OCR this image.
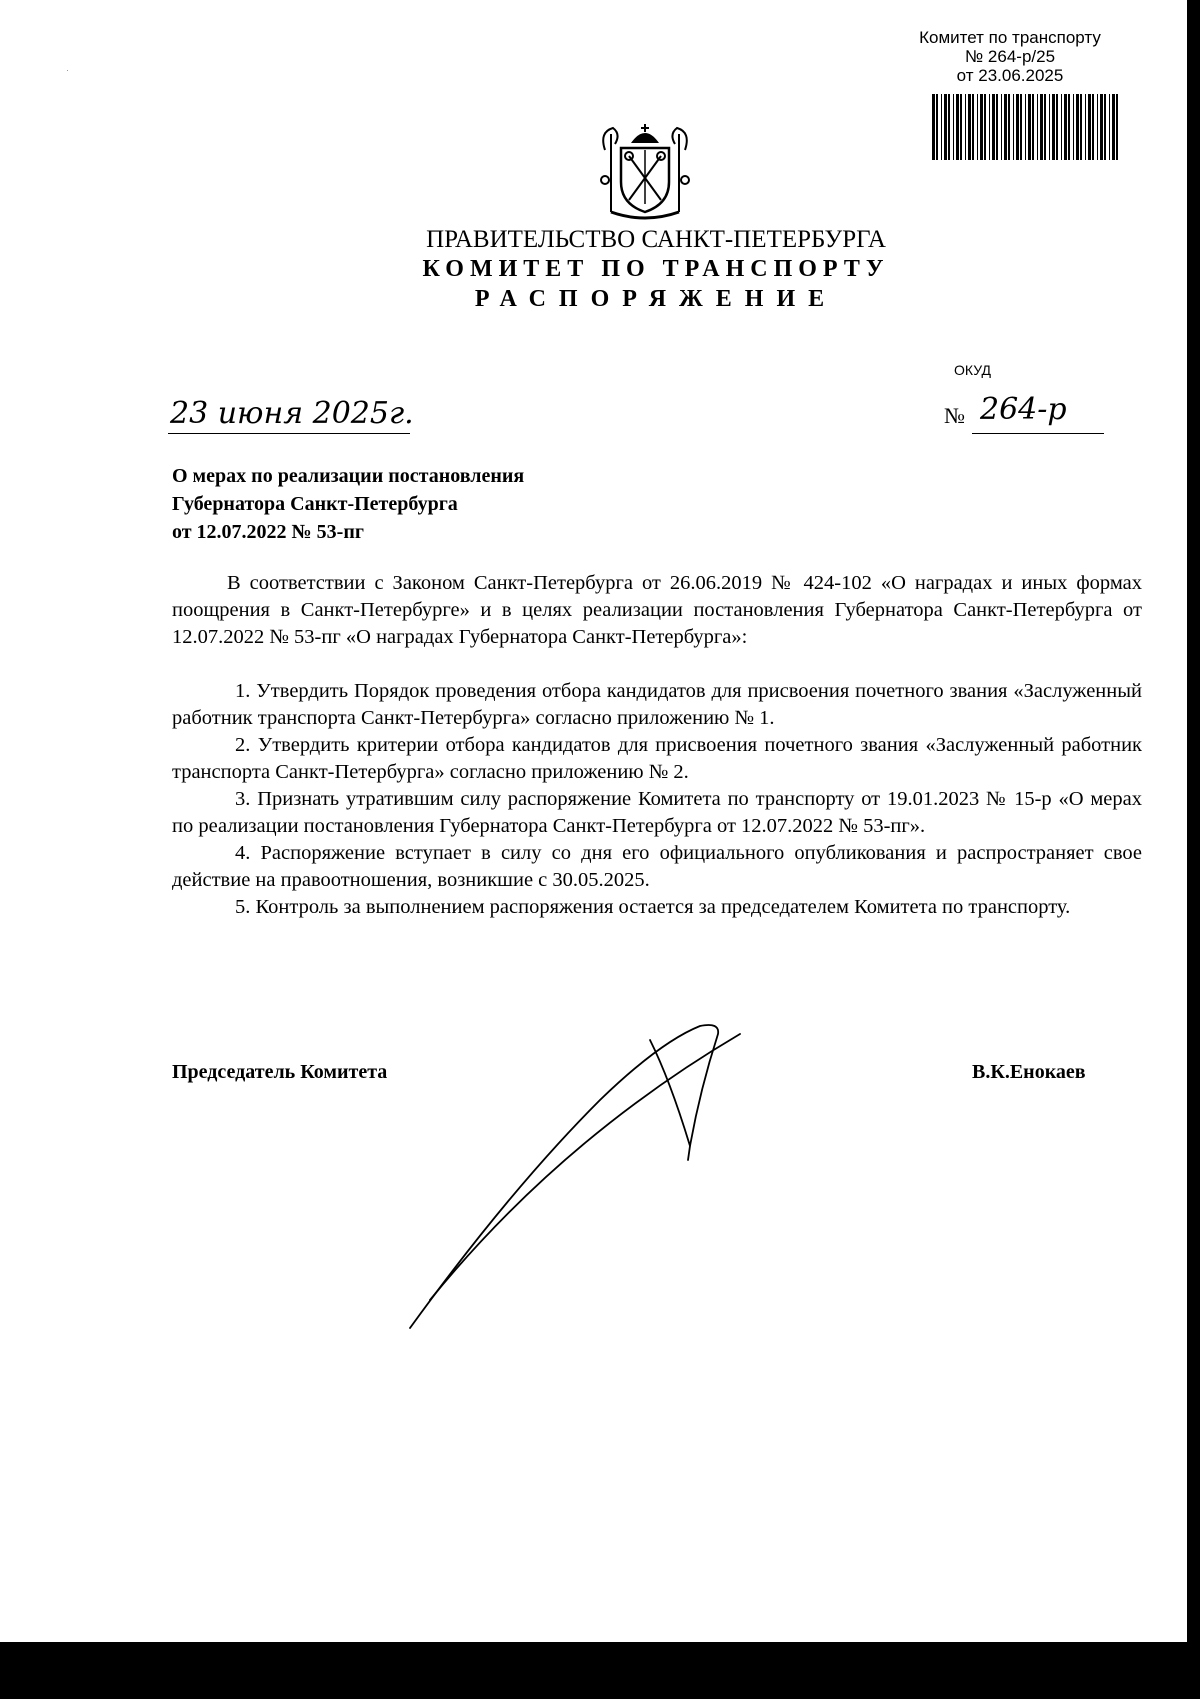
Комитет по транспорту
№ 264-р/25
от 23.06.2025
ПРАВИТЕЛЬСТВО САНКТ-ПЕТЕРБУРГА
КОМИТЕТ ПО ТРАНСПОРТУ
РАСПОРЯЖЕНИЕ
ОКУД
23 июня 2025г.	№ 264-р
О мерах по реализации постановления
Губернатора Санкт-Петербурга
от 12.07.2022 № 53-пг

В соответствии с Законом Санкт-Петербурга от 26.06.2019 № 424-102 «О наградах и иных формах поощрения в Санкт-Петербурге» и в целях реализации постановления Губернатора Санкт-Петербурга от 12.07.2022 № 53-пг «О наградах Губернатора Санкт-Петербурга»:

1. Утвердить Порядок проведения отбора кандидатов для присвоения почетного звания «Заслуженный работник транспорта Санкт-Петербурга» согласно приложению № 1.

2. Утвердить критерии отбора кандидатов для присвоения почетного звания «Заслуженный работник транспорта Санкт-Петербурга» согласно приложению № 2.

3. Признать утратившим силу распоряжение Комитета по транспорту от 19.01.2023 № 15-р «О мерах по реализации постановления Губернатора Санкт-Петербурга от 12.07.2022 № 53-пг».

4. Распоряжение вступает в силу со дня его официального опубликования и распространяет свое действие на правоотношения, возникшие с 30.05.2025.

5. Контроль за выполнением распоряжения остается за председателем Комитета по транспорту.

Председатель Комитета	В.К.Енокаев
